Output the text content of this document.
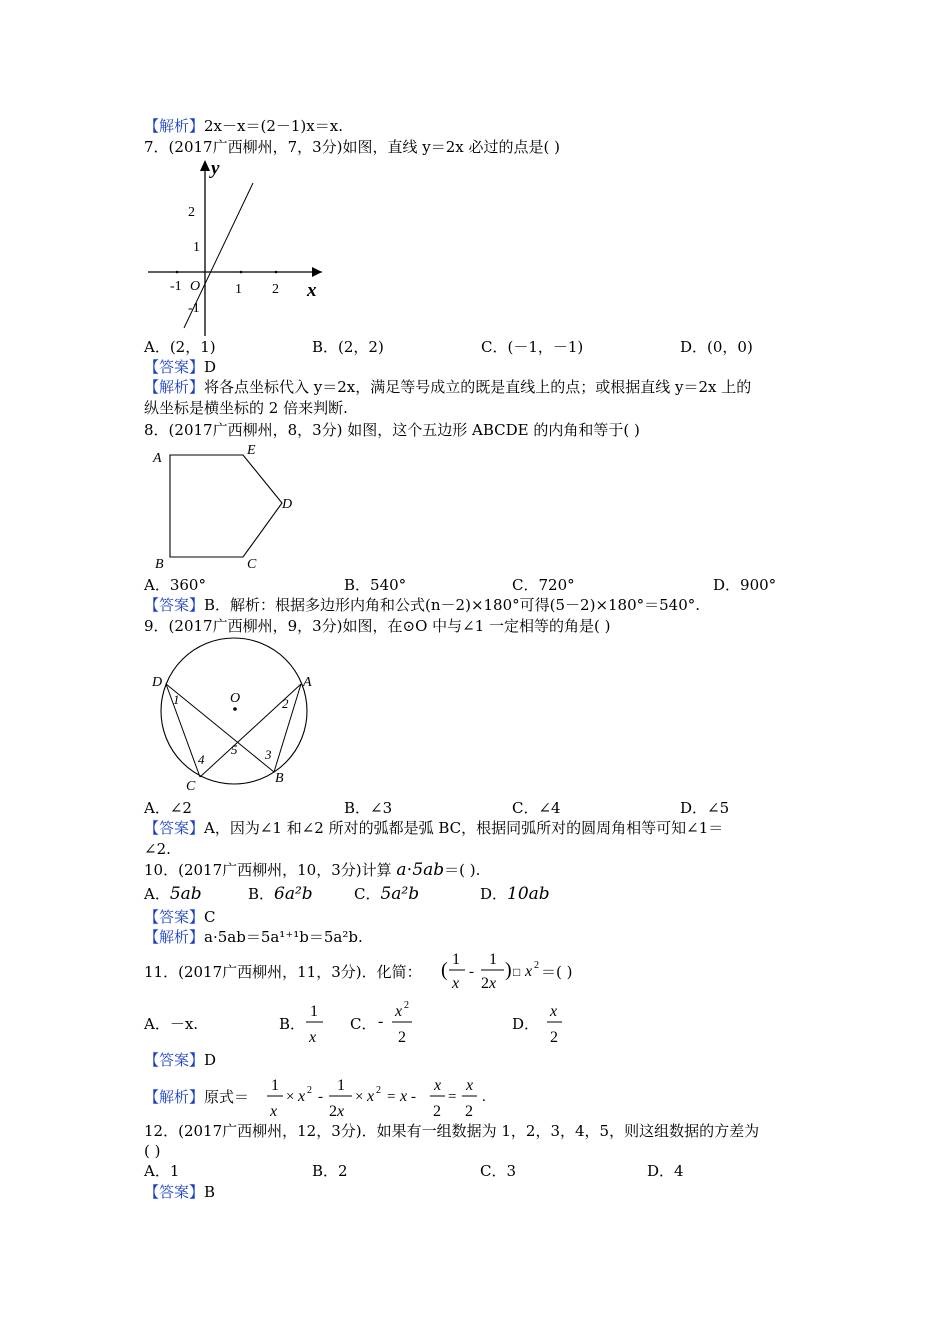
【解析】2x－x＝(2－1)x＝x.
7．(2017广西柳州，7，3分)如图，直线 y＝2x 必过的点是( )
y
x
O
-1	1 2
2
1
-1
A．(2，1)	B．(2，2)	C．(－1，－1)	D．(0，0)
【答案】D
【解析】将各点坐标代入 y＝2x，满足等号成立的既是直线上的点；或根据直线 y＝2x 上的
纵坐标是横坐标的 2 倍来判断.
8．(2017广西柳州，8，3分) 如图，这个五边形 ABCDE 的内角和等于( )
A
B	C
D
E
A．360°	B．540°	C．720°	D．900°
【答案】B．解析：根据多边形内角和公式(n－2)×180°可得(5－2)×180°＝540°.
9．(2017广西柳州，9，3分)如图，在⊙O 中与∠1 一定相等的角是( )
D	A
O
C
B
1	2
3
4
5
A．∠2	B．∠3	C．∠4	D．∠5
【答案】A，因为∠1 和∠2 所对的弧都是弧 BC，根据同弧所对的圆周角相等可知∠1＝
∠2.
10．(2017广西柳州，10，3分)计算 a⋅5ab＝( ).
A．5ab	B．6a²b	C．5a²b	D．10ab
【答案】C
【解析】a·5ab＝5a¹⁺¹b＝5a²b.
11．(2017广西柳州，11，3分)．化简： ( 1
x
-
1
2x
) □ x 2 ＝( )
A．－x.	B．
1
x
C． -
x 2
2
D．
x
2
【答案】D
【解析】原式＝
1
x
× x 2 -
1
2x
× x 2 = x -
x
2
=
x
2
.
12．(2017广西柳州，12，3分)．如果有一组数据为 1，2，3，4，5，则这组数据的方差为
( )
A．1	B．2	C．3	D．4
【答案】B
